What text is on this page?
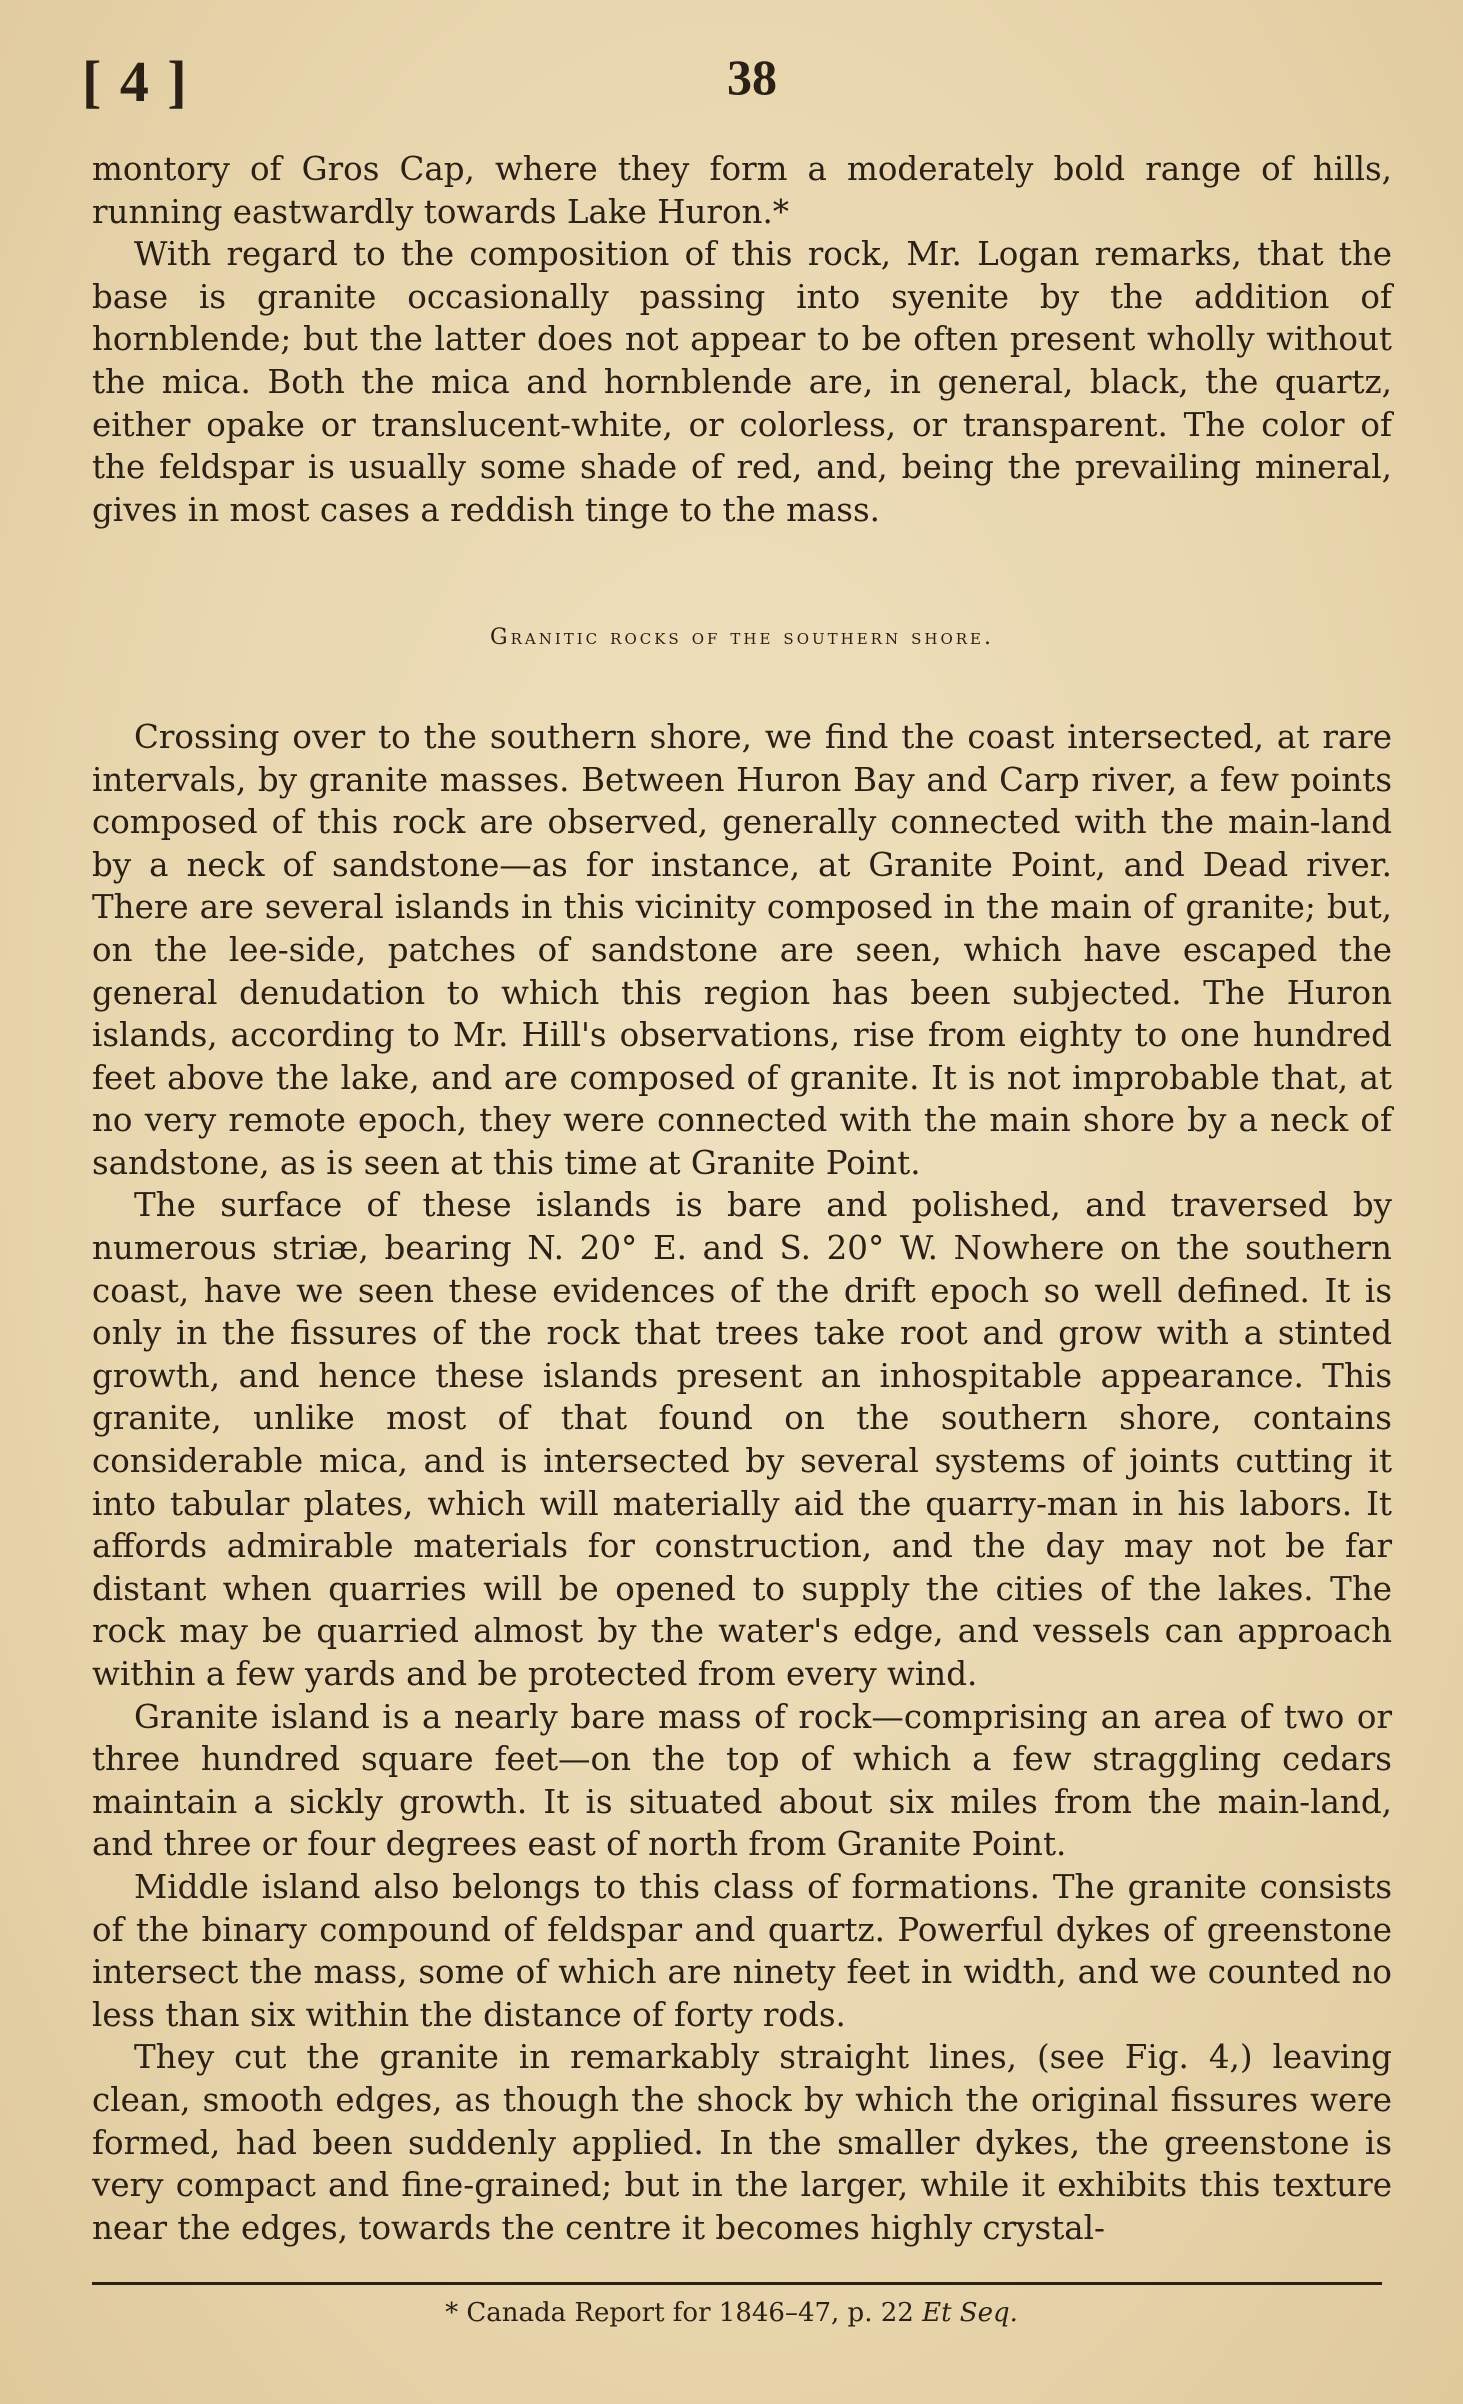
[ 4 ]	38

montory of Gros Cap, where they form a moderately bold range of hills, running eastwardly towards Lake Huron.*

With regard to the composition of this rock, Mr. Logan remarks, that the base is granite occasionally passing into syenite by the addition of hornblende; but the latter does not appear to be often present wholly without the mica. Both the mica and hornblende are, in general, black, the quartz, either opake or translucent-white, or colorless, or transparent. The color of the feldspar is usually some shade of red, and, being the prevailing mineral, gives in most cases a reddish tinge to the mass.

Granitic rocks of the southern shore.

Crossing over to the southern shore, we find the coast intersected, at rare intervals, by granite masses. Between Huron Bay and Carp river, a few points composed of this rock are observed, generally connected with the main-land by a neck of sandstone—as for instance, at Granite Point, and Dead river. There are several islands in this vicinity composed in the main of granite; but, on the lee-side, patches of sandstone are seen, which have escaped the general denudation to which this region has been subjected. The Huron islands, according to Mr. Hill's observations, rise from eighty to one hundred feet above the lake, and are composed of granite. It is not improbable that, at no very remote epoch, they were connected with the main shore by a neck of sandstone, as is seen at this time at Granite Point.

The surface of these islands is bare and polished, and traversed by numerous striæ, bearing N. 20° E. and S. 20° W. Nowhere on the southern coast, have we seen these evidences of the drift epoch so well defined. It is only in the fissures of the rock that trees take root and grow with a stinted growth, and hence these islands present an inhospitable appearance. This granite, unlike most of that found on the southern shore, contains considerable mica, and is intersected by several systems of joints cutting it into tabular plates, which will materially aid the quarry-man in his labors. It affords admirable materials for construction, and the day may not be far distant when quarries will be opened to supply the cities of the lakes. The rock may be quarried almost by the water's edge, and vessels can approach within a few yards and be protected from every wind.

Granite island is a nearly bare mass of rock—comprising an area of two or three hundred square feet—on the top of which a few straggling cedars maintain a sickly growth. It is situated about six miles from the main-land, and three or four degrees east of north from Granite Point.

Middle island also belongs to this class of formations. The granite consists of the binary compound of feldspar and quartz. Powerful dykes of greenstone intersect the mass, some of which are ninety feet in width, and we counted no less than six within the distance of forty rods.

They cut the granite in remarkably straight lines, (see Fig. 4,) leaving clean, smooth edges, as though the shock by which the original fissures were formed, had been suddenly applied. In the smaller dykes, the greenstone is very compact and fine-grained; but in the larger, while it exhibits this texture near the edges, towards the centre it becomes highly crystal-

* Canada Report for 1846–47, p. 22 Et Seq.
